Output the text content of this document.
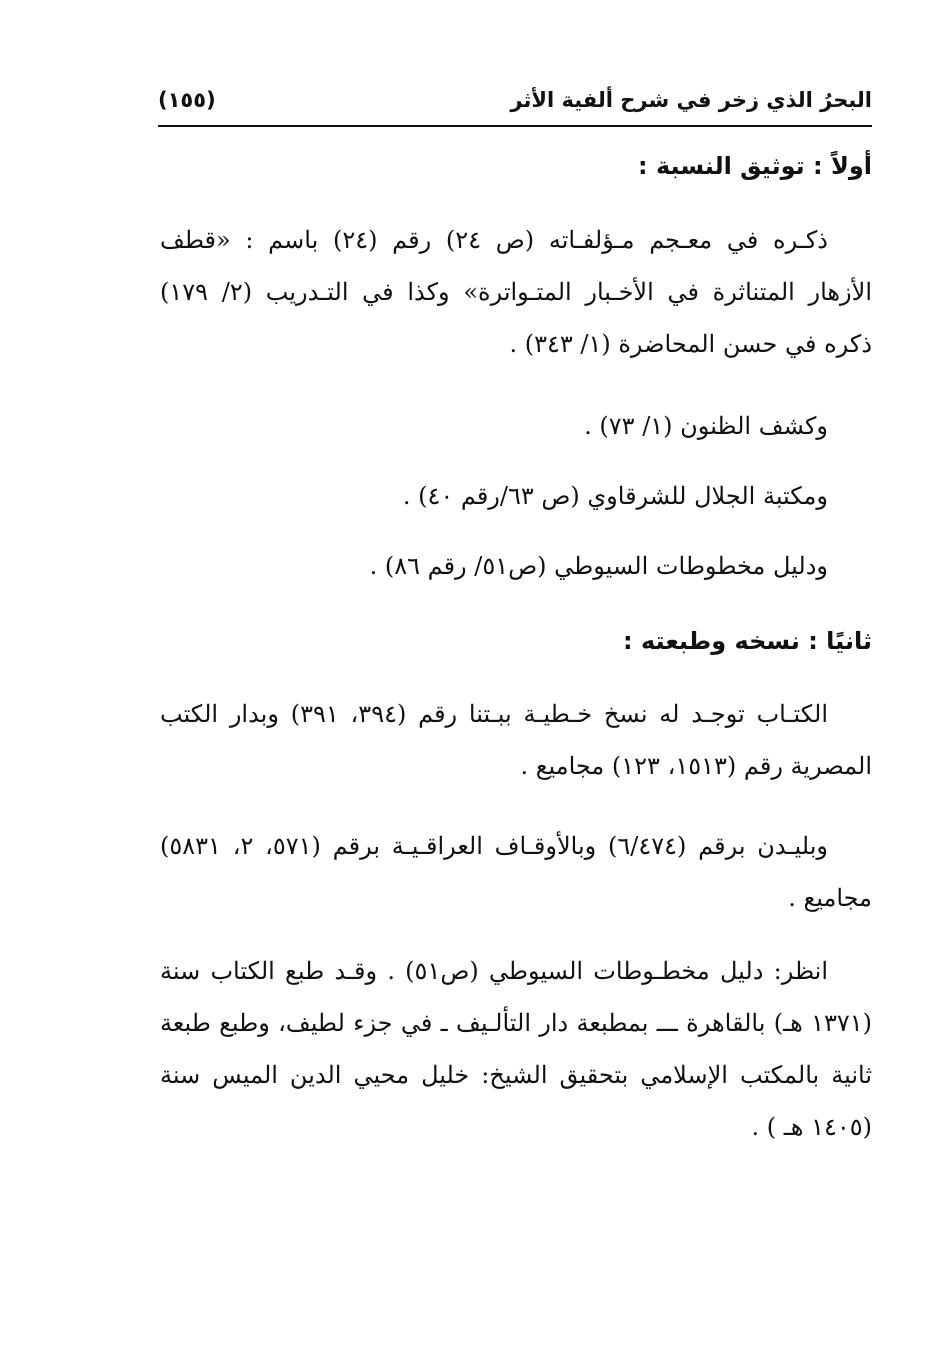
البحرُ الذي زخر في شرح ألفية الأثر
(١٥٥)
أولاً : توثيق النسبة :
ذكـره في معـجم مـؤلفـاته (ص ٢٤) رقم (٢٤) باسم : «قطف الأزهار المتناثرة في الأخـبار المتـواترة» وكذا في التـدريب (٢/ ١٧٩) ذكره في حسن المحاضرة (١/ ٣٤٣) .
وكشف الظنون (١/ ٧٣) .
ومكتبة الجلال للشرقاوي (ص ٦٣/رقم ٤٠) .
ودليل مخطوطات السيوطي (ص٥١/ رقم ٨٦) .
ثانيًا : نسخه وطبعته :
الكتـاب توجـد له نسخ خـطيـة ببـتنا رقم (٣٩٤، ٣٩١) وبدار الكتب المصرية رقم (١٥١٣، ١٢٣) مجاميع .
وبليـدن برقم (٦/٤٧٤) وبالأوقـاف العراقـيـة برقم (٥٧١، ٢، ٥٨٣١) مجاميع .
انظر: دليل مخطـوطات السيوطي (ص٥١) . وقـد طبع الكتاب سنة (١٣٧١ هـ) بالقاهرة ـــ بمطبعة دار التألـيف ـ في جزء لطيف، وطبع طبعة ثانية بالمكتب الإسلامي بتحقيق الشيخ: خليل محيي الدين الميس سنة (١٤٠٥ هـ ) .
